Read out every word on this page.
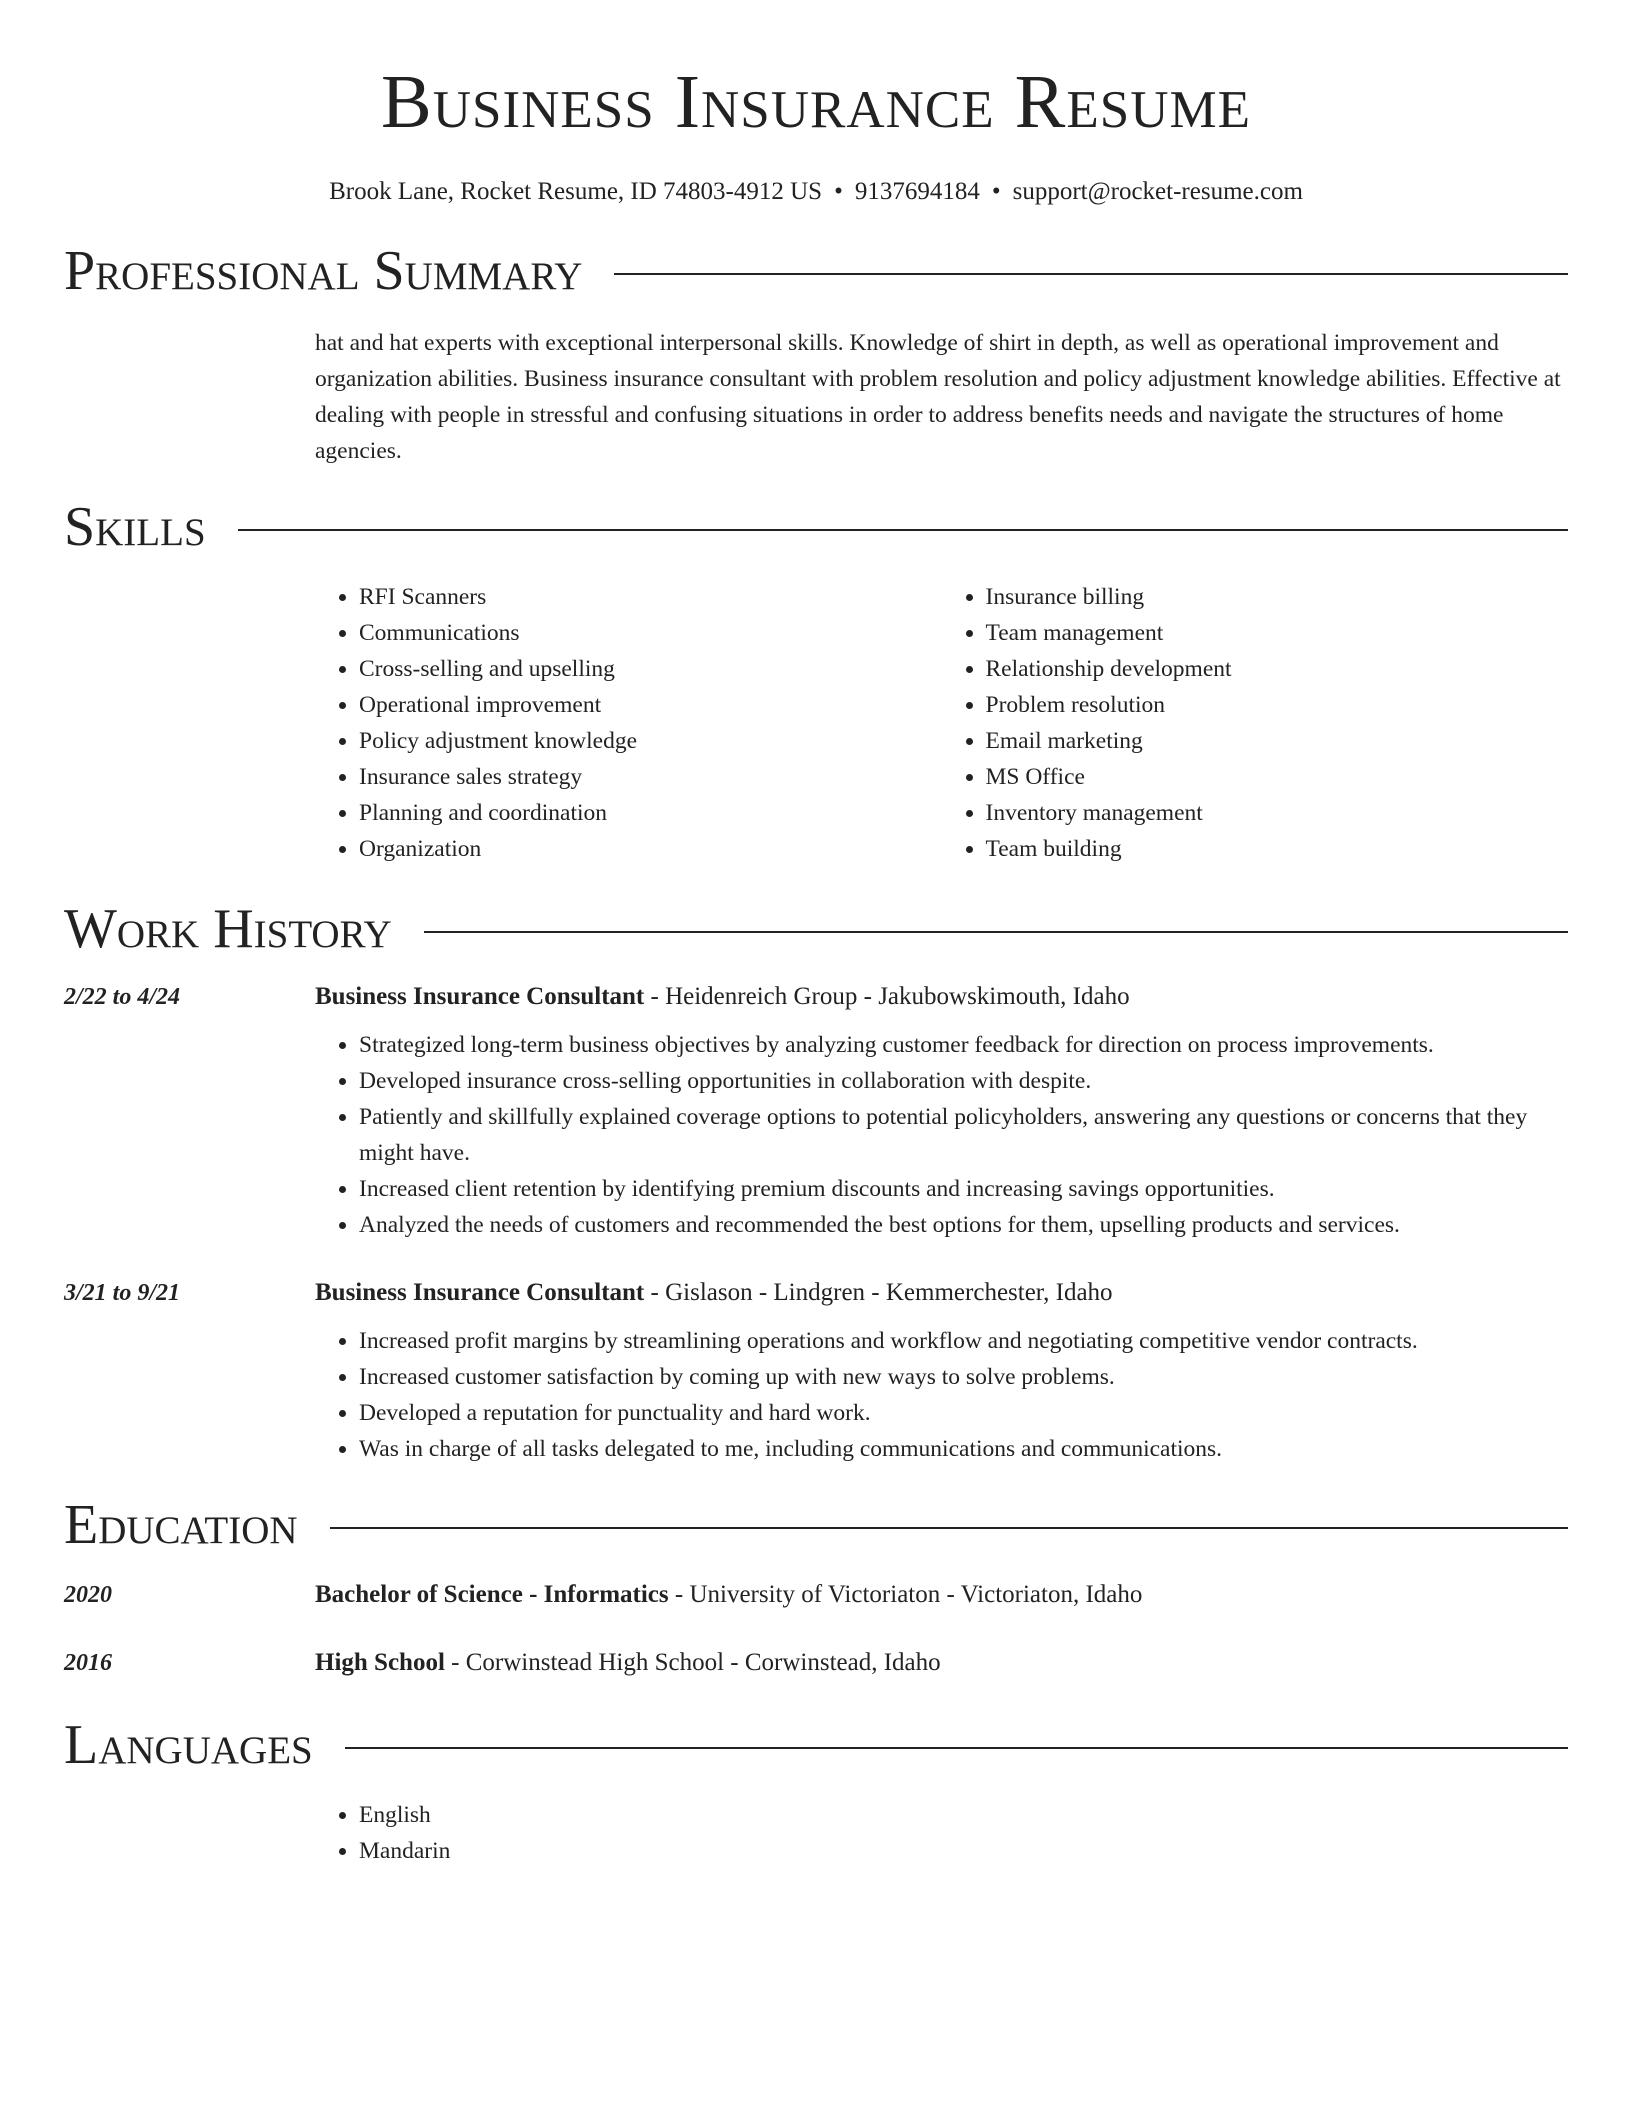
Business Insurance Resume
Brook Lane, Rocket Resume, ID 74803-4912 US • 9137694184 • support@rocket-resume.com
Professional Summary
hat and hat experts with exceptional interpersonal skills. Knowledge of shirt in depth, as well as operational improvement and organization abilities. Business insurance consultant with problem resolution and policy adjustment knowledge abilities. Effective at dealing with people in stressful and confusing situations in order to address benefits needs and navigate the structures of home agencies.
Skills
• RFI Scanners
• Communications
• Cross-selling and upselling
• Operational improvement
• Policy adjustment knowledge
• Insurance sales strategy
• Planning and coordination
• Organization
• Insurance billing
• Team management
• Relationship development
• Problem resolution
• Email marketing
• MS Office
• Inventory management
• Team building
Work History
2/22 to 4/24	Business Insurance Consultant - Heidenreich Group - Jakubowskimouth, Idaho
• Strategized long-term business objectives by analyzing customer feedback for direction on process improvements.
• Developed insurance cross-selling opportunities in collaboration with despite.
• Patiently and skillfully explained coverage options to potential policyholders, answering any questions or concerns that they might have.
• Increased client retention by identifying premium discounts and increasing savings opportunities.
• Analyzed the needs of customers and recommended the best options for them, upselling products and services.
3/21 to 9/21	Business Insurance Consultant - Gislason - Lindgren - Kemmerchester, Idaho
• Increased profit margins by streamlining operations and workflow and negotiating competitive vendor contracts.
• Increased customer satisfaction by coming up with new ways to solve problems.
• Developed a reputation for punctuality and hard work.
• Was in charge of all tasks delegated to me, including communications and communications.
Education
2020	Bachelor of Science - Informatics - University of Victoriaton - Victoriaton, Idaho
2016	High School - Corwinstead High School - Corwinstead, Idaho
Languages
• English
• Mandarin
